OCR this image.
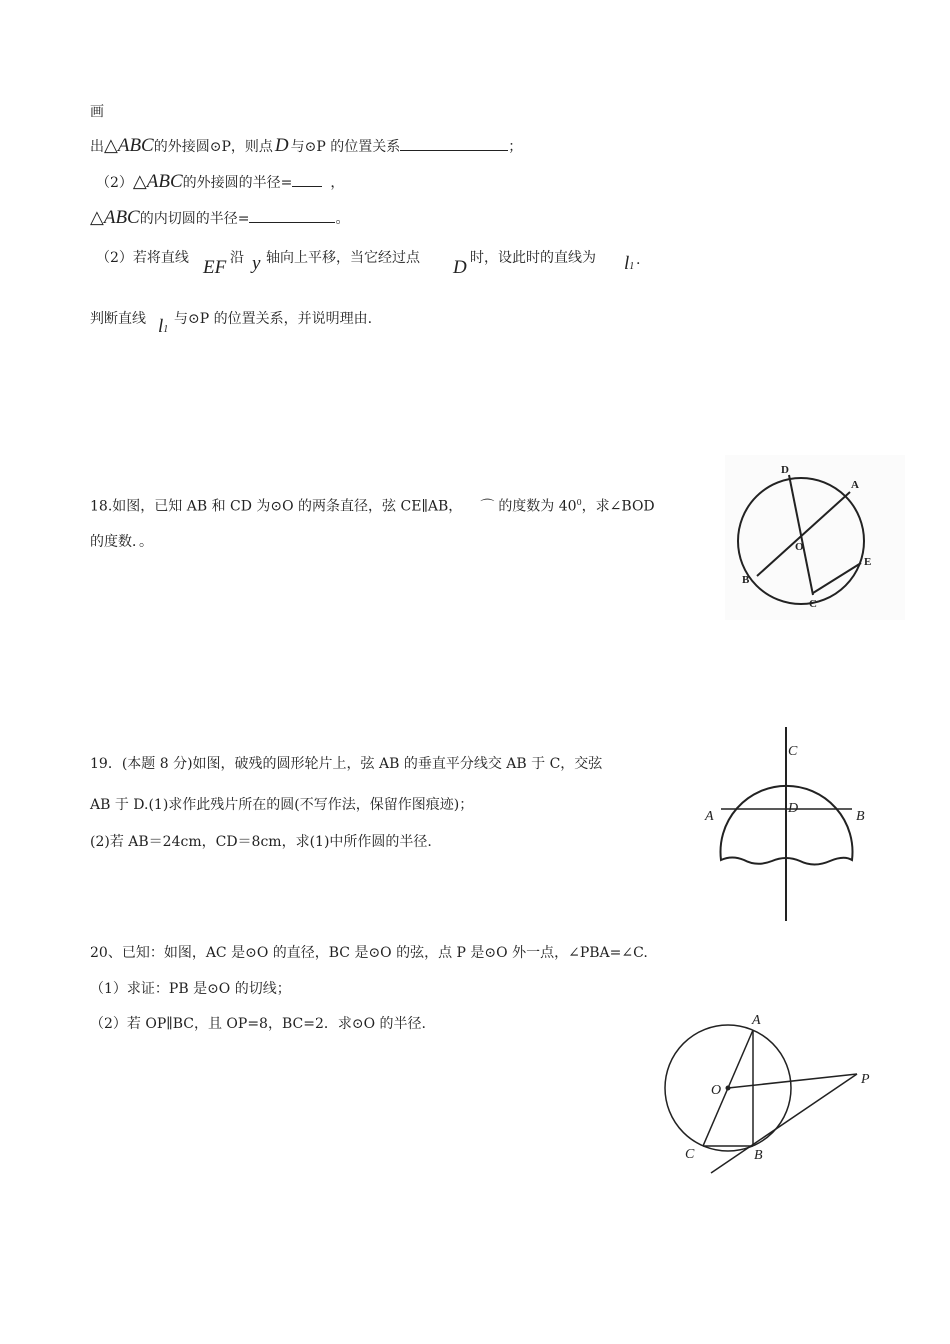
画
出△ABC的外接圆⊙P，则点 D 与⊙P 的位置关系	；
（2）△ABC的外接圆的半径=	，
△ABC的内切圆的半径=	。
（2）若将直线 EF 沿 y 轴向上平移，当它经过点 D 时，设此时的直线为 l1 .
判断直线 l1
与⊙P 的位置关系，并说明理由.
18.如图，已知 AB 和 CD 为⊙O 的两条直径，弦 CE∥AB， ⌒ 的度数为 $40^0$，求∠BOD
的度数．。
D
A
O
E
B
C
19．(本题 8 分)如图，破残的圆形轮片上，弦 AB 的垂直平分线交 AB 于 C，交弦
AB 于 D.(1)求作此残片所在的圆(不写作法，保留作图痕迹)；
(2)若 AB＝24cm，CD＝8cm，求(1)中所作圆的半径.
C
A
D
B
20、已知：如图，AC 是⊙O 的直径，BC 是⊙O 的弦，点 P 是⊙O 外一点，∠PBA=∠C.
（1）求证：PB 是⊙O 的切线；
（2）若 OP∥BC，且 OP=8，BC=2．求⊙O 的半径.	A
O
P
C	B
